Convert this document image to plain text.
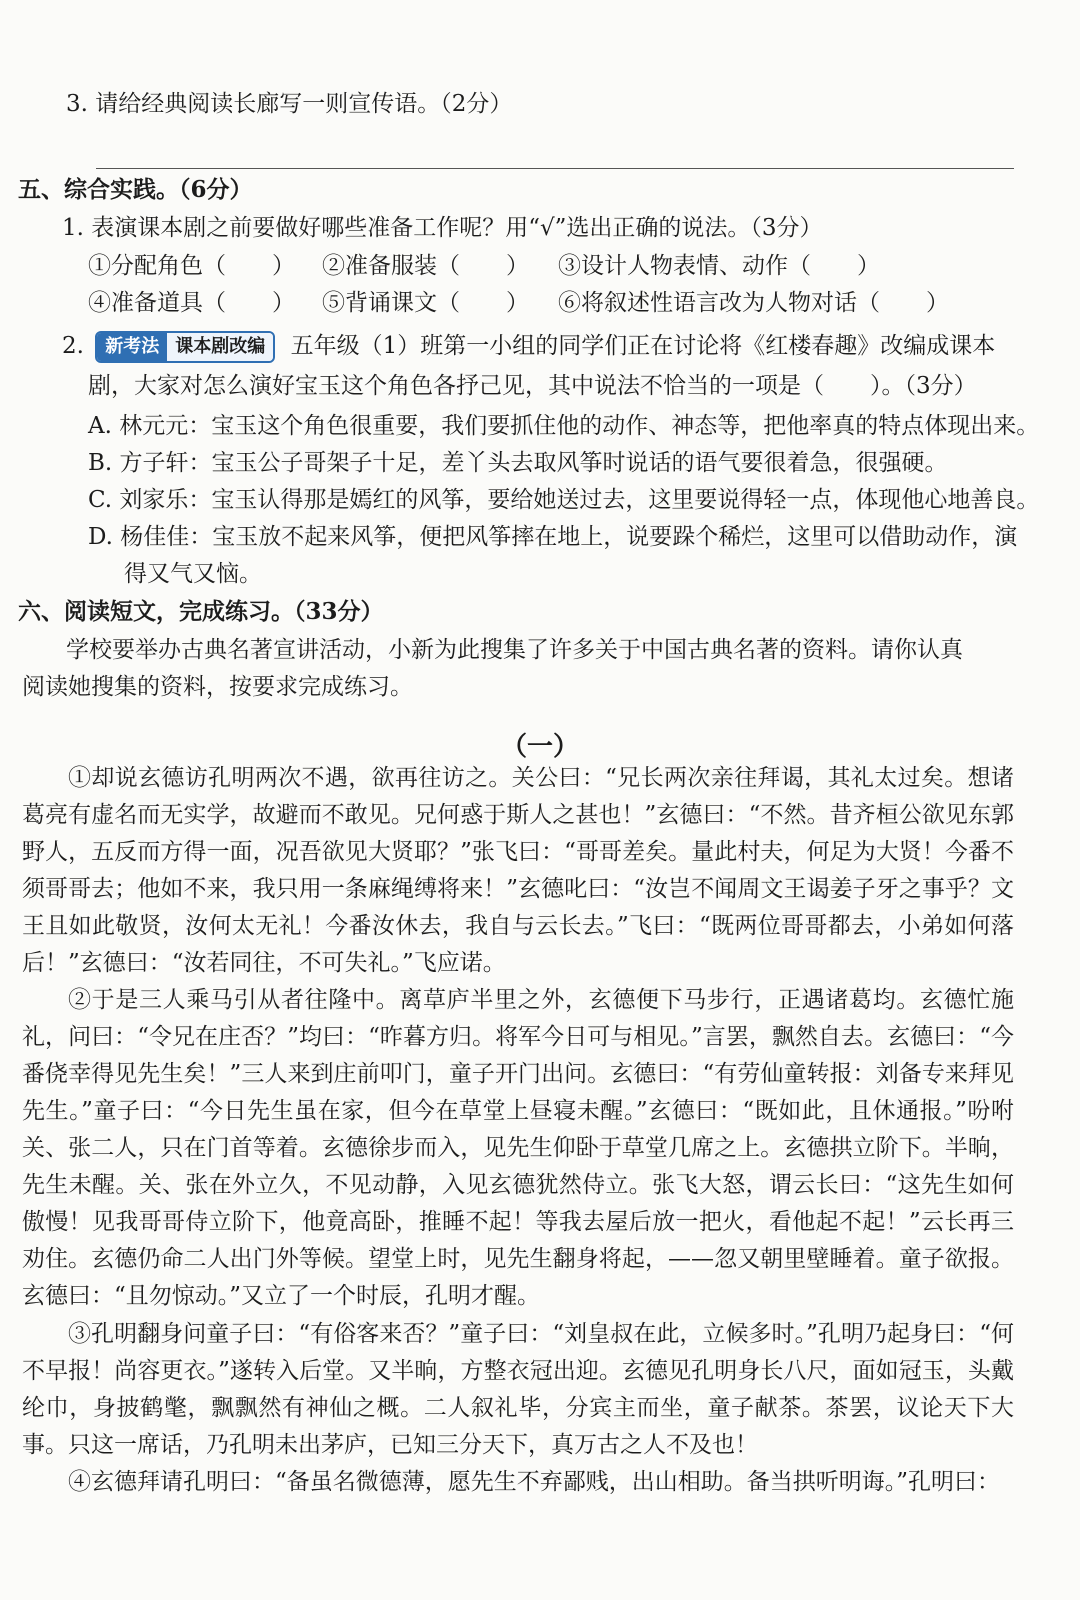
3. 请给经典阅读长廊写一则宣传语。（2分）
五、综合实践。（6分）
1. 表演课本剧之前要做好哪些准备工作呢？用“√”选出正确的说法。（3分）
①分配角色（　　） ②准备服装（　　） ③设计人物表情、动作（　　）
④准备道具（　　） ⑤背诵课文（　　） ⑥将叙述性语言改为人物对话（　　）
2.	新考法 课本剧改编	五年级（1）班第一小组的同学们正在讨论将《红楼春趣》改编成课本
剧，大家对怎么演好宝玉这个角色各抒己见，其中说法不恰当的一项是（　　）。（3分）
A. 林元元：宝玉这个角色很重要，我们要抓住他的动作、神态等，把他率真的特点体现出来。
B. 方子轩：宝玉公子哥架子十足，差丫头去取风筝时说话的语气要很着急，很强硬。
C. 刘家乐：宝玉认得那是嫣红的风筝，要给她送过去，这里要说得轻一点，体现他心地善良。
D. 杨佳佳：宝玉放不起来风筝，便把风筝摔在地上，说要跺个稀烂，这里可以借助动作，演
得又气又恼。
六、阅读短文，完成练习。（33分）
学校要举办古典名著宣讲活动，小新为此搜集了许多关于中国古典名著的资料。请你认真
阅读她搜集的资料，按要求完成练习。
（一）
①却说玄德访孔明两次不遇，欲再往访之。关公曰：“兄长两次亲往拜谒，其礼太过矣。想诸葛亮有虚名而无实学，故避而不敢见。兄何惑于斯人之甚也！”玄德曰：“不然。昔齐桓公欲见东郭野人，五反而方得一面，况吾欲见大贤耶？”张飞曰：“哥哥差矣。量此村夫，何足为大贤！今番不须哥哥去；他如不来，我只用一条麻绳缚将来！”玄德叱曰：“汝岂不闻周文王谒姜子牙之事乎？文王且如此敬贤，汝何太无礼！今番汝休去，我自与云长去。”飞曰：“既两位哥哥都去，小弟如何落后！”玄德曰：“汝若同往，不可失礼。”飞应诺。
②于是三人乘马引从者往隆中。离草庐半里之外，玄德便下马步行，正遇诸葛均。玄德忙施礼，问曰：“令兄在庄否？”均曰：“昨暮方归。将军今日可与相见。”言罢，飘然自去。玄德曰：“今番侥幸得见先生矣！”三人来到庄前叩门，童子开门出问。玄德曰：“有劳仙童转报：刘备专来拜见先生。”童子曰：“今日先生虽在家，但今在草堂上昼寝未醒。”玄德曰：“既如此，且休通报。”吩咐关、张二人，只在门首等着。玄德徐步而入，见先生仰卧于草堂几席之上。玄德拱立阶下。半晌，先生未醒。关、张在外立久，不见动静，入见玄德犹然侍立。张飞大怒，谓云长曰：“这先生如何傲慢！见我哥哥侍立阶下，他竟高卧，推睡不起！等我去屋后放一把火，看他起不起！”云长再三劝住。玄德仍命二人出门外等候。望堂上时，见先生翻身将起，——忽又朝里壁睡着。童子欲报。玄德曰：“且勿惊动。”又立了一个时辰，孔明才醒。
③孔明翻身问童子曰：“有俗客来否？”童子曰：“刘皇叔在此，立候多时。”孔明乃起身曰：“何不早报！尚容更衣。”遂转入后堂。又半晌，方整衣冠出迎。玄德见孔明身长八尺，面如冠玉，头戴纶巾，身披鹤氅，飘飘然有神仙之概。二人叙礼毕，分宾主而坐，童子献茶。茶罢，议论天下大事。只这一席话，乃孔明未出茅庐，已知三分天下，真万古之人不及也！
④玄德拜请孔明曰：“备虽名微德薄，愿先生不弃鄙贱，出山相助。备当拱听明诲。”孔明曰：
